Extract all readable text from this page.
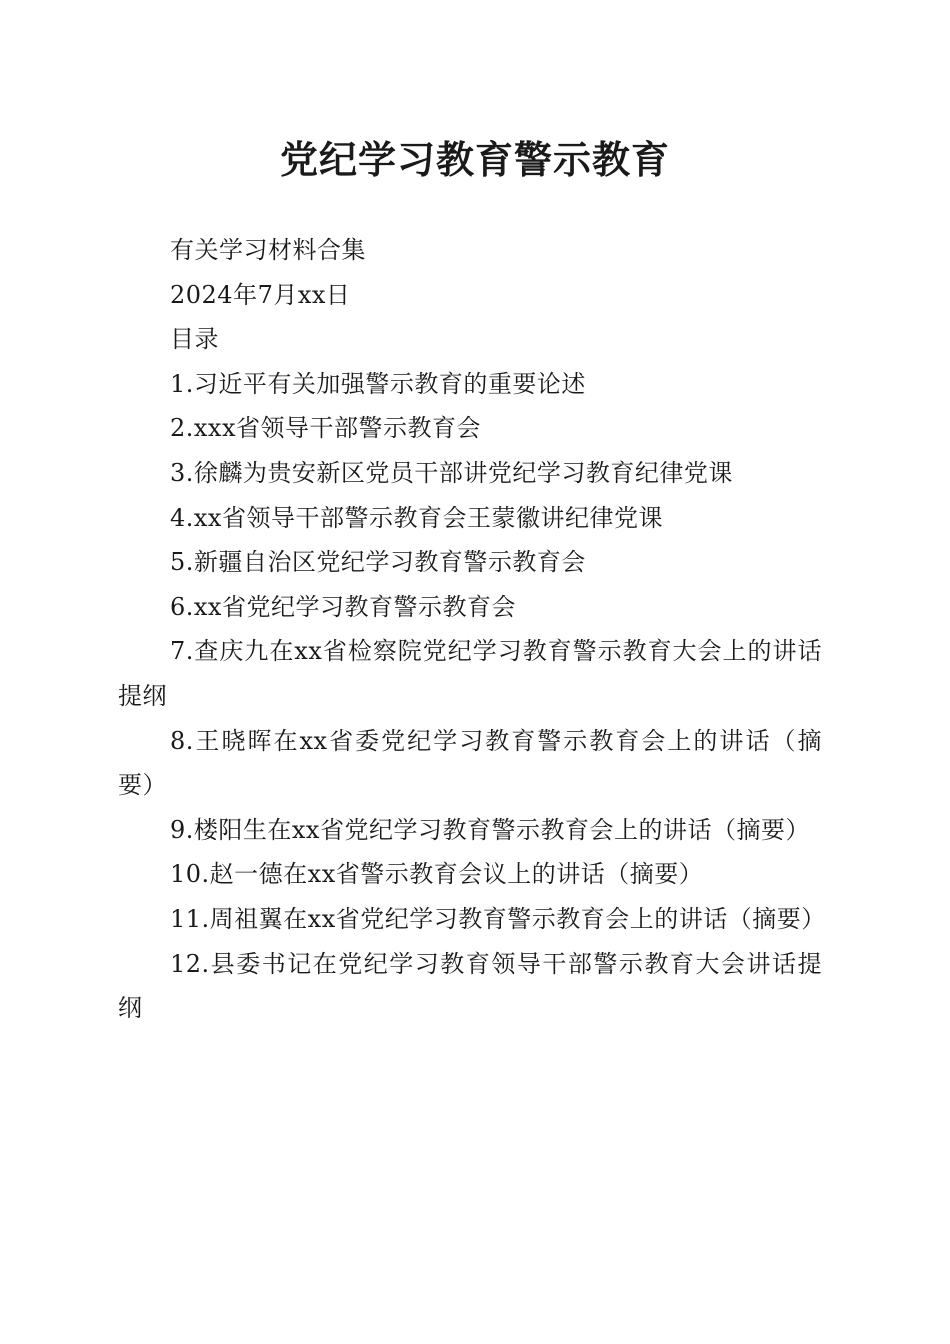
党纪学习教育警示教育

有关学习材料合集

2024年7月xx日

目录

1.习近平有关加强警示教育的重要论述

2.xxx省领导干部警示教育会

3.徐麟为贵安新区党员干部讲党纪学习教育纪律党课

4.xx省领导干部警示教育会王蒙徽讲纪律党课

5.新疆自治区党纪学习教育警示教育会

6.xx省党纪学习教育警示教育会

7.查庆九在xx省检察院党纪学习教育警示教育大会上的讲话提纲

8.王晓晖在xx省委党纪学习教育警示教育会上的讲话（摘要）

9.楼阳生在xx省党纪学习教育警示教育会上的讲话（摘要）

10.赵一德在xx省警示教育会议上的讲话（摘要）

11.周祖翼在xx省党纪学习教育警示教育会上的讲话（摘要）

12.县委书记在党纪学习教育领导干部警示教育大会讲话提纲
